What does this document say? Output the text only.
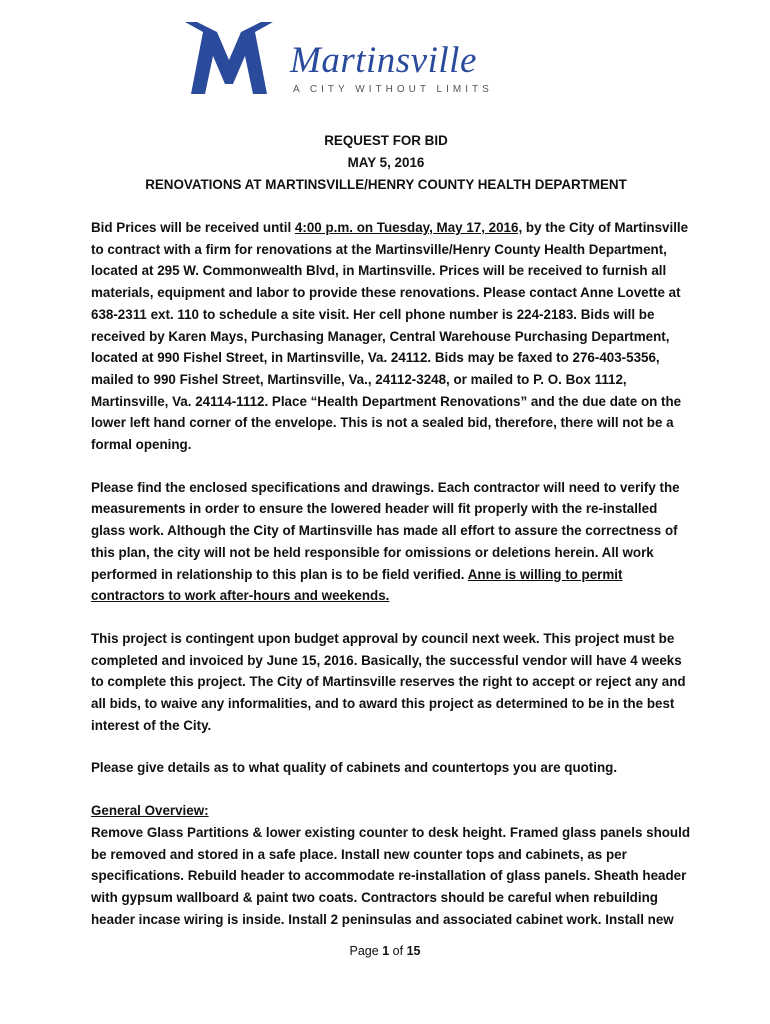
Martinsville
A CITY WITHOUT LIMITS
REQUEST FOR BID
MAY 5, 2016
RENOVATIONS AT MARTINSVILLE/HENRY COUNTY HEALTH DEPARTMENT
Bid Prices will be received until 4:00 p.m. on Tuesday, May 17, 2016, by the City of Martinsville to contract with a firm for renovations at the Martinsville/Henry County Health Department, located at 295 W. Commonwealth Blvd, in Martinsville. Prices will be received to furnish all materials, equipment and labor to provide these renovations. Please contact Anne Lovette at 638-2311 ext. 110 to schedule a site visit. Her cell phone number is 224-2183. Bids will be received by Karen Mays, Purchasing Manager, Central Warehouse Purchasing Department, located at 990 Fishel Street, in Martinsville, Va. 24112. Bids may be faxed to 276-403-5356, mailed to 990 Fishel Street, Martinsville, Va., 24112-3248, or mailed to P. O. Box 1112, Martinsville, Va. 24114-1112. Place “Health Department Renovations” and the due date on the lower left hand corner of the envelope. This is not a sealed bid, therefore, there will not be a formal opening.
Please find the enclosed specifications and drawings. Each contractor will need to verify the measurements in order to ensure the lowered header will fit properly with the re-installed glass work. Although the City of Martinsville has made all effort to assure the correctness of this plan, the city will not be held responsible for omissions or deletions herein. All work performed in relationship to this plan is to be field verified. Anne is willing to permit contractors to work after-hours and weekends.
This project is contingent upon budget approval by council next week. This project must be completed and invoiced by June 15, 2016. Basically, the successful vendor will have 4 weeks to complete this project. The City of Martinsville reserves the right to accept or reject any and all bids, to waive any informalities, and to award this project as determined to be in the best interest of the City.
Please give details as to what quality of cabinets and countertops you are quoting.
General Overview:
Remove Glass Partitions & lower existing counter to desk height. Framed glass panels should be removed and stored in a safe place. Install new counter tops and cabinets, as per specifications. Rebuild header to accommodate re-installation of glass panels. Sheath header with gypsum wallboard & paint two coats. Contractors should be careful when rebuilding header incase wiring is inside. Install 2 peninsulas and associated cabinet work. Install new
Page 1 of 15
